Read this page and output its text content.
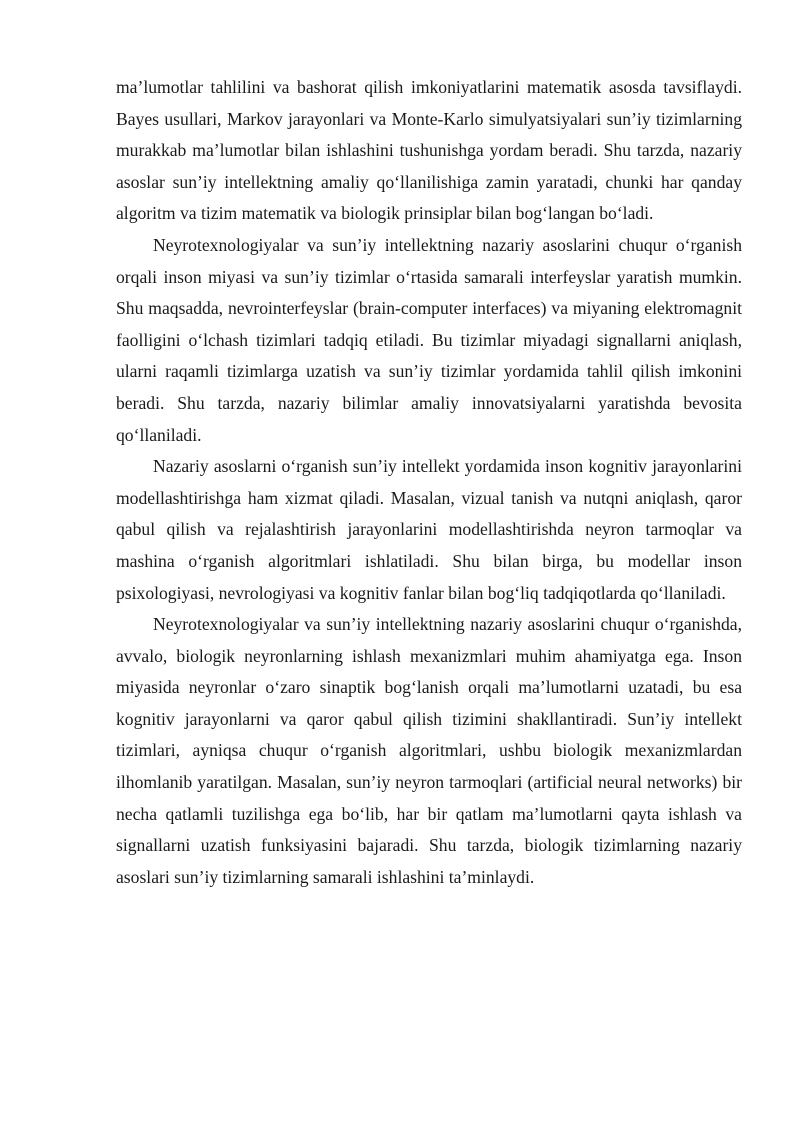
ma’lumotlar tahlilini va bashorat qilish imkoniyatlarini matematik asosda tavsiflaydi. Bayes usullari, Markov jarayonlari va Monte-Karlo simulyatsiyalari sun’iy tizimlarning murakkab ma’lumotlar bilan ishlashini tushunishga yordam beradi. Shu tarzda, nazariy asoslar sun’iy intellektning amaliy qo‘llanilishiga zamin yaratadi, chunki har qanday algoritm va tizim matematik va biologik prinsiplar bilan bog‘langan bo‘ladi.

Neyrotexnologiyalar va sun’iy intellektning nazariy asoslarini chuqur o‘rganish orqali inson miyasi va sun’iy tizimlar o‘rtasida samarali interfeyslar yaratish mumkin. Shu maqsadda, nevrointerfeyslar (brain-computer interfaces) va miyaning elektromagnit faolligini o‘lchash tizimlari tadqiq etiladi. Bu tizimlar miyadagi signallarni aniqlash, ularni raqamli tizimlarga uzatish va sun’iy tizimlar yordamida tahlil qilish imkonini beradi. Shu tarzda, nazariy bilimlar amaliy innovatsiyalarni yaratishda bevosita qo‘llaniladi.

Nazariy asoslarni o‘rganish sun’iy intellekt yordamida inson kognitiv jarayonlarini modellashtirishga ham xizmat qiladi. Masalan, vizual tanish va nutqni aniqlash, qaror qabul qilish va rejalashtirish jarayonlarini modellashtirishda neyron tarmoqlar va mashina o‘rganish algoritmlari ishlatiladi. Shu bilan birga, bu modellar inson psixologiyasi, nevrologiyasi va kognitiv fanlar bilan bog‘liq tadqiqotlarda qo‘llaniladi.

Neyrotexnologiyalar va sun’iy intellektning nazariy asoslarini chuqur o‘rganishda, avvalo, biologik neyronlarning ishlash mexanizmlari muhim ahamiyatga ega. Inson miyasida neyronlar o‘zaro sinaptik bog‘lanish orqali ma’lumotlarni uzatadi, bu esa kognitiv jarayonlarni va qaror qabul qilish tizimini shakllantiradi. Sun’iy intellekt tizimlari, ayniqsa chuqur o‘rganish algoritmlari, ushbu biologik mexanizmlardan ilhomlanib yaratilgan. Masalan, sun’iy neyron tarmoqlari (artificial neural networks) bir necha qatlamli tuzilishga ega bo‘lib, har bir qatlam ma’lumotlarni qayta ishlash va signallarni uzatish funksiyasini bajaradi. Shu tarzda, biologik tizimlarning nazariy asoslari sun’iy tizimlarning samarali ishlashini ta’minlaydi.
